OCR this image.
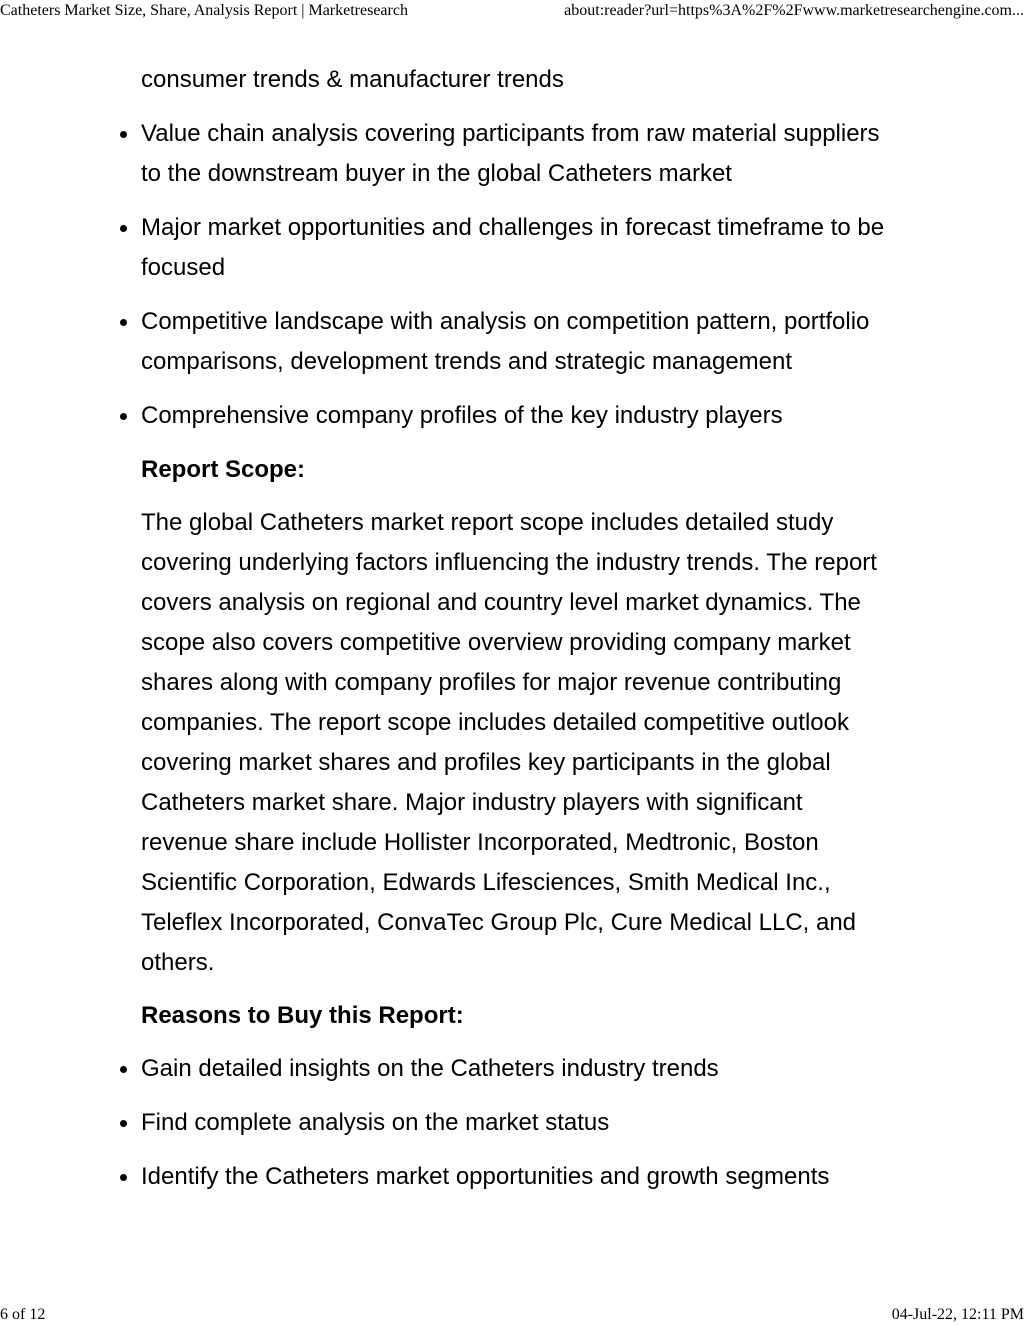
Catheters Market Size, Share, Analysis Report | Marketresearch	about:reader?url=https%3A%2F%2Fwww.marketresearchengine.com...

consumer trends & manufacturer trends

Value chain analysis covering participants from raw material suppliers to the downstream buyer in the global Catheters market
Major market opportunities and challenges in forecast timeframe to be focused
Competitive landscape with analysis on competition pattern, portfolio comparisons, development trends and strategic management
Comprehensive company profiles of the key industry players
Report Scope:

The global Catheters market report scope includes detailed study covering underlying factors influencing the industry trends. The report covers analysis on regional and country level market dynamics. The scope also covers competitive overview providing company market shares along with company profiles for major revenue contributing companies. The report scope includes detailed competitive outlook covering market shares and profiles key participants in the global Catheters market share. Major industry players with significant revenue share include Hollister Incorporated, Medtronic, Boston Scientific Corporation, Edwards Lifesciences, Smith Medical Inc., Teleflex Incorporated, ConvaTec Group Plc, Cure Medical LLC, and others.

Reasons to Buy this Report:
Gain detailed insights on the Catheters industry trends
Find complete analysis on the market status
Identify the Catheters market opportunities and growth segments
6 of 12	04-Jul-22, 12:11 PM
